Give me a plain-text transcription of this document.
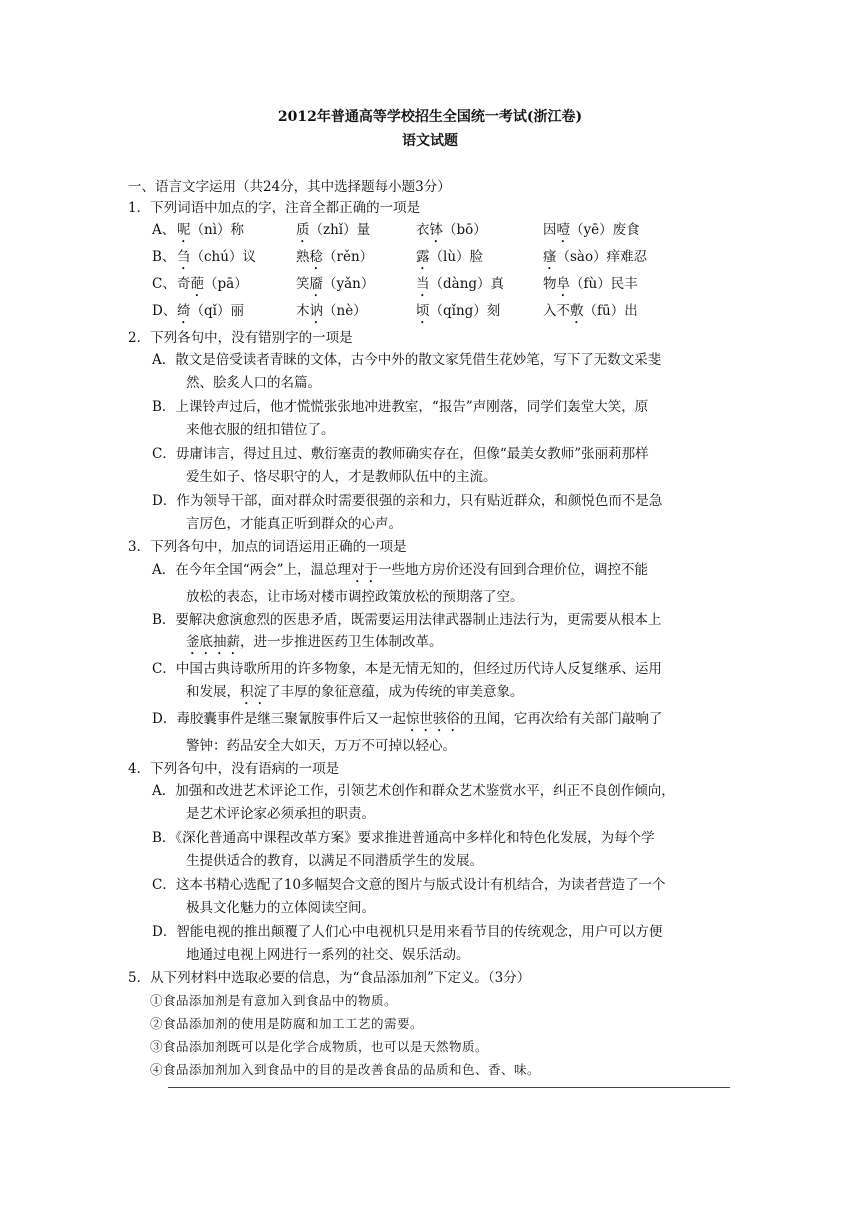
2012年普通高等学校招生全国统一考试(浙江卷)
语文试题
一、语言文字运用（共24分，其中选择题每小题3分）
1．下列词语中加点的字，注音全都正确的一项是
A、 呢（nì）称	质（zhǐ）量	衣钵（bō）	因噎（yē）废食
B、 刍（chú）议	熟稔（rěn）	露（lù）脸	瘙（sào）痒难忍
C、 奇葩（pā）	笑靥（yǎn）	当（dàng）真	物阜（fù）民丰
D、 绮（qǐ）丽	木讷（nè）	顷（qǐng）刻	入不敷（fū）出
2．下列各句中，没有错别字的一项是
A．散文是倍受读者青睐的文体，古今中外的散文家凭借生花妙笔，写下了无数文采斐
然、脍炙人口的名篇。
B．上课铃声过后，他才慌慌张张地冲进教室，“报告”声刚落，同学们轰堂大笑，原
来他衣服的纽扣错位了。
C．毋庸讳言，得过且过、敷衍塞责的教师确实存在，但像“最美女教师”张丽莉那样
爱生如子、恪尽职守的人，才是教师队伍中的主流。
D．作为领导干部，面对群众时需要很强的亲和力，只有贴近群众，和颜悦色而不是急
言厉色，才能真正听到群众的心声。
3．下列各句中，加点的词语运用正确的一项是
A．在今年全国“两会”上，温总理对于一些地方房价还没有回到合理价位，调控不能
放松的表态，让市场对楼市调控政策放松的预期落了空。
B．要解决愈演愈烈的医患矛盾，既需要运用法律武器制止违法行为，更需要从根本上
釜底抽薪，进一步推进医药卫生体制改革。
C．中国古典诗歌所用的许多物象，本是无情无知的，但经过历代诗人反复继承、运用
和发展，积淀了丰厚的象征意蕴，成为传统的审美意象。
D．毒胶囊事件是继三聚氰胺事件后又一起惊世骇俗的丑闻，它再次给有关部门敲响了
警钟：药品安全大如天，万万不可掉以轻心。
4．下列各句中，没有语病的一项是
A．加强和改进艺术评论工作，引领艺术创作和群众艺术鉴赏水平，纠正不良创作倾向，
是艺术评论家必须承担的职责。
B．《深化普通高中课程改革方案》要求推进普通高中多样化和特色化发展，为每个学
生提供适合的教育，以满足不同潜质学生的发展。
C．这本书精心选配了10多幅契合文意的图片与版式设计有机结合，为读者营造了一个
极具文化魅力的立体阅读空间。
D．智能电视的推出颠覆了人们心中电视机只是用来看节目的传统观念，用户可以方便
地通过电视上网进行一系列的社交、娱乐活动。
5．从下列材料中选取必要的信息，为“食品添加剂”下定义。（3分）
①食品添加剂是有意加入到食品中的物质。
②食品添加剂的使用是防腐和加工工艺的需要。
③食品添加剂既可以是化学合成物质，也可以是天然物质。
④食品添加剂加入到食品中的目的是改善食品的品质和色、香、味。
